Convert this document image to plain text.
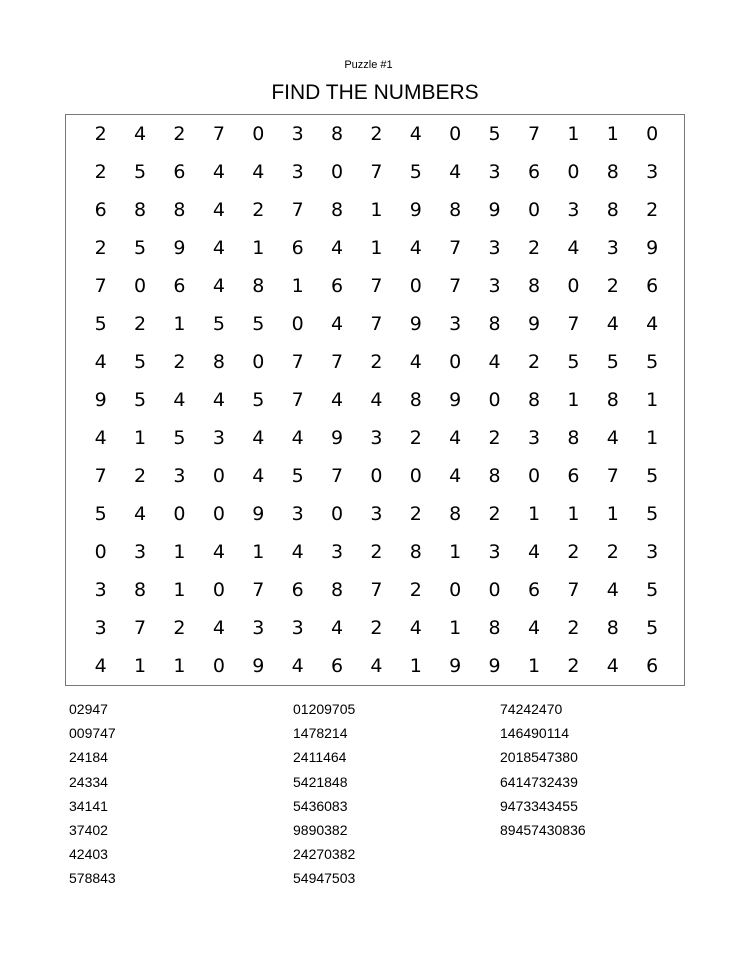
Puzzle #1
FIND THE NUMBERS
2	4	2	7	0	3	8	2	4	0	5	7	1	1	0
2	5	6	4	4	3	0	7	5	4	3	6	0	8	3
6	8	8	4	2	7	8	1	9	8	9	0	3	8	2
2	5	9	4	1	6	4	1	4	7	3	2	4	3	9
7	0	6	4	8	1	6	7	0	7	3	8	0	2	6
5	2	1	5	5	0	4	7	9	3	8	9	7	4	4
4	5	2	8	0	7	7	2	4	0	4	2	5	5	5
9	5	4	4	5	7	4	4	8	9	0	8	1	8	1
4	1	5	3	4	4	9	3	2	4	2	3	8	4	1
7	2	3	0	4	5	7	0	0	4	8	0	6	7	5
5	4	0	0	9	3	0	3	2	8	2	1	1	1	5
0	3	1	4	1	4	3	2	8	1	3	4	2	2	3
3	8	1	0	7	6	8	7	2	0	0	6	7	4	5
3	7	2	4	3	3	4	2	4	1	8	4	2	8	5
4	1	1	0	9	4	6	4	1	9	9	1	2	4	6
02947
009747
24184
24334
34141
37402
42403
578843
01209705
1478214
2411464
5421848
5436083
9890382
24270382
54947503
74242470
146490114
2018547380
6414732439
9473343455
89457430836
